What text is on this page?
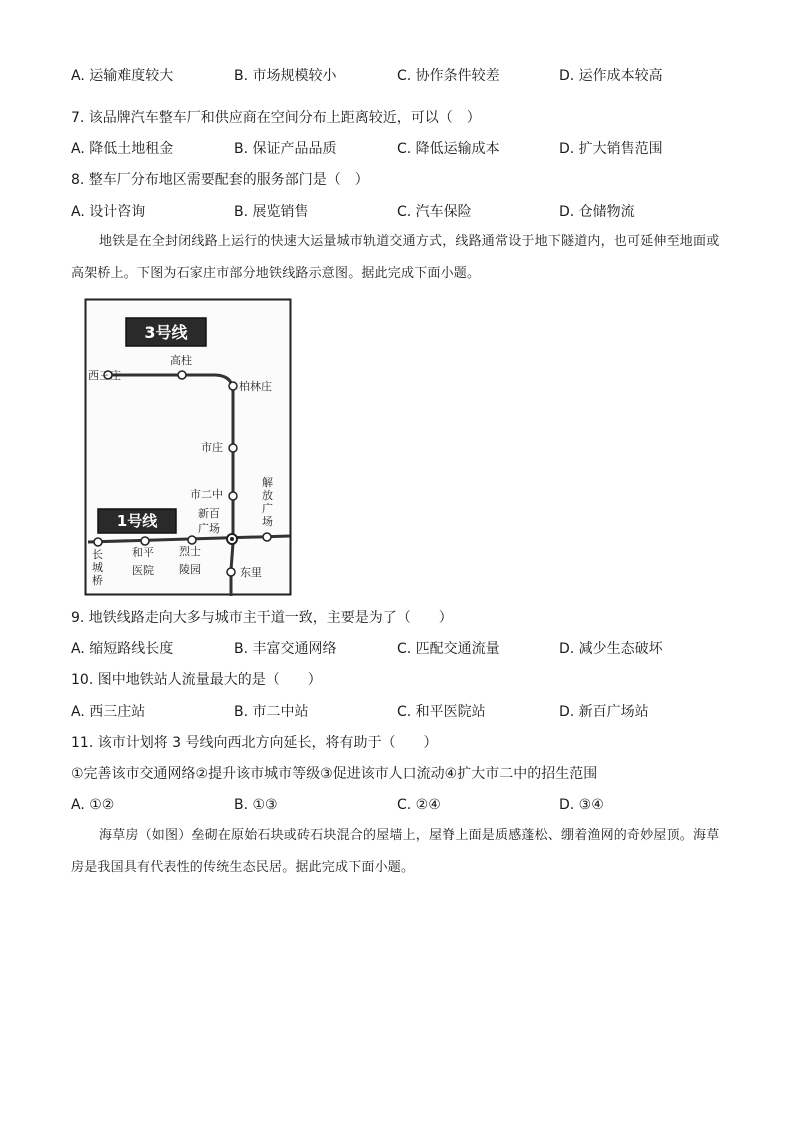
A. 运输难度较大	B. 市场规模较小	C. 协作条件较差	D. 运作成本较高
7. 该品牌汽车整车厂和供应商在空间分布上距离较近，可以（　）
A. 降低土地租金	B. 保证产品品质	C. 降低运输成本	D. 扩大销售范围
8. 整车厂分布地区需要配套的服务部门是（　）
A. 设计咨询	B. 展览销售	C. 汽车保险	D. 仓储物流
地铁是在全封闭线路上运行的快速大运量城市轨道交通方式，线路通常设于地下隧道内，也可延伸至地面或高架桥上。下图为石家庄市部分地铁线路示意图。据此完成下面小题。
3号线
1号线
西三庄
高柱
柏林庄
市庄
市二中
新百
广场
解
放
广
场
长
城
桥
和平
医院
烈士
陵园	东里
9. 地铁线路走向大多与城市主干道一致，主要是为了（　　）
A. 缩短路线长度	B. 丰富交通网络	C. 匹配交通流量	D. 减少生态破坏
10. 图中地铁站人流量最大的是（　　）
A. 西三庄站	B. 市二中站	C. 和平医院站	D. 新百广场站
11. 该市计划将 3 号线向西北方向延长，将有助于（　　）
①完善该市交通网络②提升该市城市等级③促进该市人口流动④扩大市二中的招生范围
A. ①②	B. ①③	C. ②④	D. ③④
海草房（如图）垒砌在原始石块或砖石块混合的屋墙上，屋脊上面是质感蓬松、绷着渔网的奇妙屋顶。海草房是我国具有代表性的传统生态民居。据此完成下面小题。
